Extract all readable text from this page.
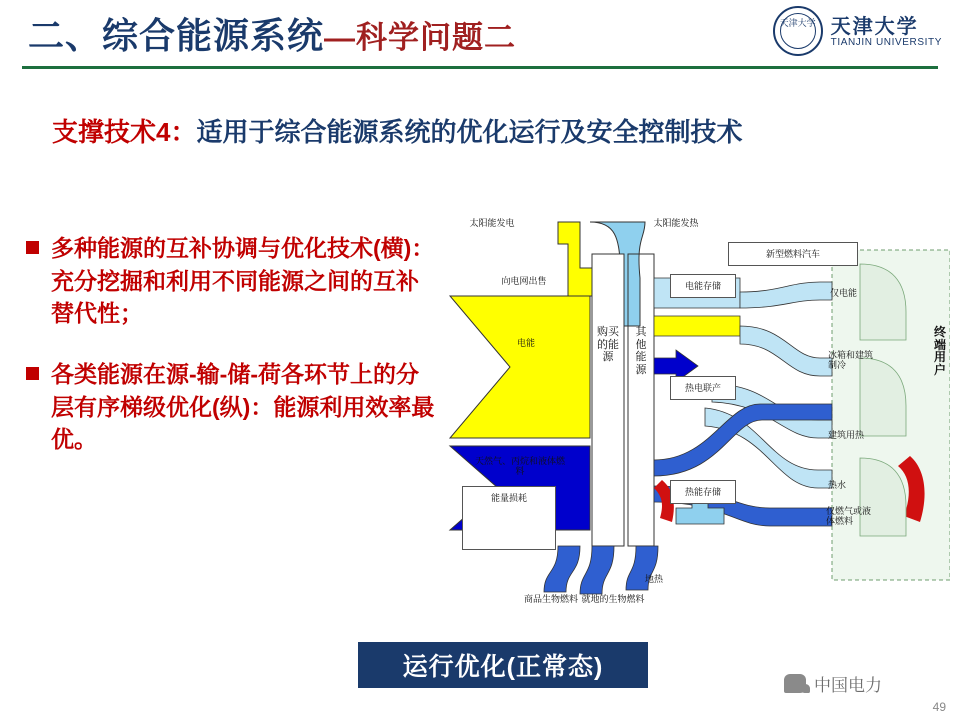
二、综合能源系统—科学问题二	天津大学 天津大学
TIANJIN UNIVERSITY
支撑技术4：适用于综合能源系统的优化运行及安全控制技术
多种能源的互补协调与优化技术(横)：充分挖掘和利用不同能源之间的互补替代性；
各类能源在源-输-储-荷各环节上的分层有序梯级优化(纵)：能源利用效率最优。
太阳能发电	太阳能发热
向电网出售
电能
天然气、丙烷和液体燃料
购买的能源
其他能源
能量损耗
新型燃料汽车
电能存储
热电联产
热能存储
仅电能
冰箱和建筑制冷
建筑用热
热水
仅燃气或液体燃料
终端用户
商品生物燃料 就地的生物燃料
地热
运行优化(正常态)
中国电力
49
